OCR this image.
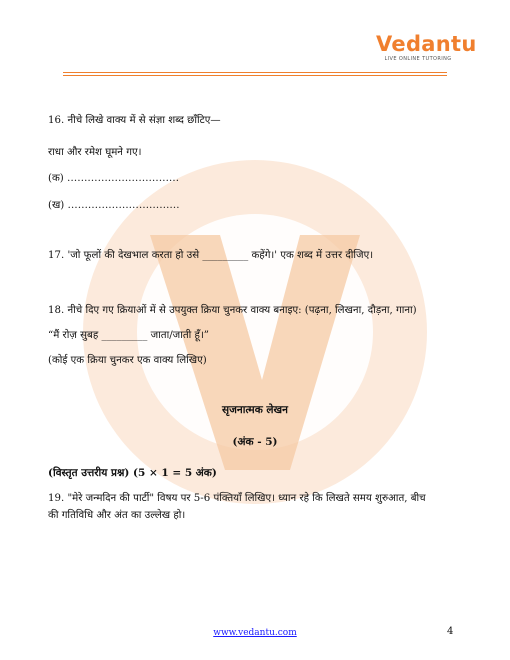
Vedantu
LIVE ONLINE TUTORING
16. नीचे लिखे वाक्य में से संज्ञा शब्द छाँटिए—
राधा और रमेश घूमने गए।
(क) ……………………………
(ख) ……………………………
17. 'जो फूलों की देखभाल करता हो उसे _________ कहेंगे।' एक शब्द में उत्तर दीजिए।
18. नीचे दिए गए क्रियाओं में से उपयुक्त क्रिया चुनकर वाक्य बनाइए: (पढ़ना, लिखना, दौड़ना, गाना)
“मैं रोज़ सुबह _________ जाता/जाती हूँ।”
(कोई एक क्रिया चुनकर एक वाक्य लिखिए)
सृजनात्मक लेखन
(अंक - 5)
(विस्तृत उत्तरीय प्रश्न) (5 × 1 = 5 अंक)
19. "मेरे जन्मदिन की पार्टी" विषय पर 5-6 पंक्तियाँ लिखिए। ध्यान रहे कि लिखते समय शुरुआत, बीच
की गतिविधि और अंत का उल्लेख हो।
www.vedantu.com	4
